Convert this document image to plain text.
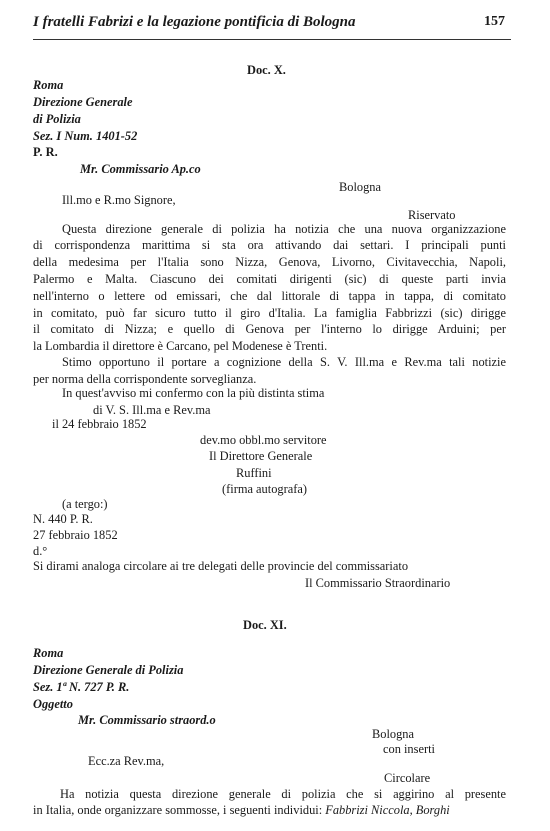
I fratelli Fabrizi e la legazione pontificia di Bologna	157
Doc. X.
Roma
Direzione Generale
di Polizia
Sez. I Num. 1401-52
P. R.
Mr. Commissario Ap.co
Bologna
Ill.mo e R.mo Signore,
Riservato
Questa direzione generale di polizia ha notizia che una nuova organizzazione
di corrispondenza marittima si sta ora attivando dai settari. I principali punti
della medesima per l'Italia sono Nizza, Genova, Livorno, Civitavecchia, Napoli,
Palermo e Malta. Ciascuno dei comitati dirigenti (sic) di queste parti invia
nell'interno o lettere od emissari, che dal littorale di tappa in tappa, di comitato
in comitato, può far sicuro tutto il giro d'Italia. La famiglia Fabbrizzi (sic) dirigge
il comitato di Nizza; e quello di Genova per l'interno lo dirigge Arduini; per
la Lombardia il direttore è Carcano, pel Modenese è Trenti.
Stimo opportuno il portare a cognizione della S. V. Ill.ma e Rev.ma tali notizie
per norma della corrispondente sorveglianza.
In quest'avviso mi confermo con la più distinta stima
di V. S. Ill.ma e Rev.ma
il 24 febbraio 1852
dev.mo obbl.mo servitore
Il Direttore Generale
Ruffini
(firma autografa)
(a tergo:)
N. 440 P. R.
27 febbraio 1852
d.°
Si dirami analoga circolare ai tre delegati delle provincie del commissariato
Il Commissario Straordinario
Doc. XI.
Roma
Direzione Generale di Polizia
Sez. 1ª N. 727 P. R.
Oggetto
Mr. Commissario straord.o
Bologna
con inserti
Ecc.za Rev.ma,
Circolare
Ha notizia questa direzione generale di polizia che si aggirino al presente
in Italia, onde organizzare sommosse, i seguenti individui: Fabbrizi Niccola, Borghi
